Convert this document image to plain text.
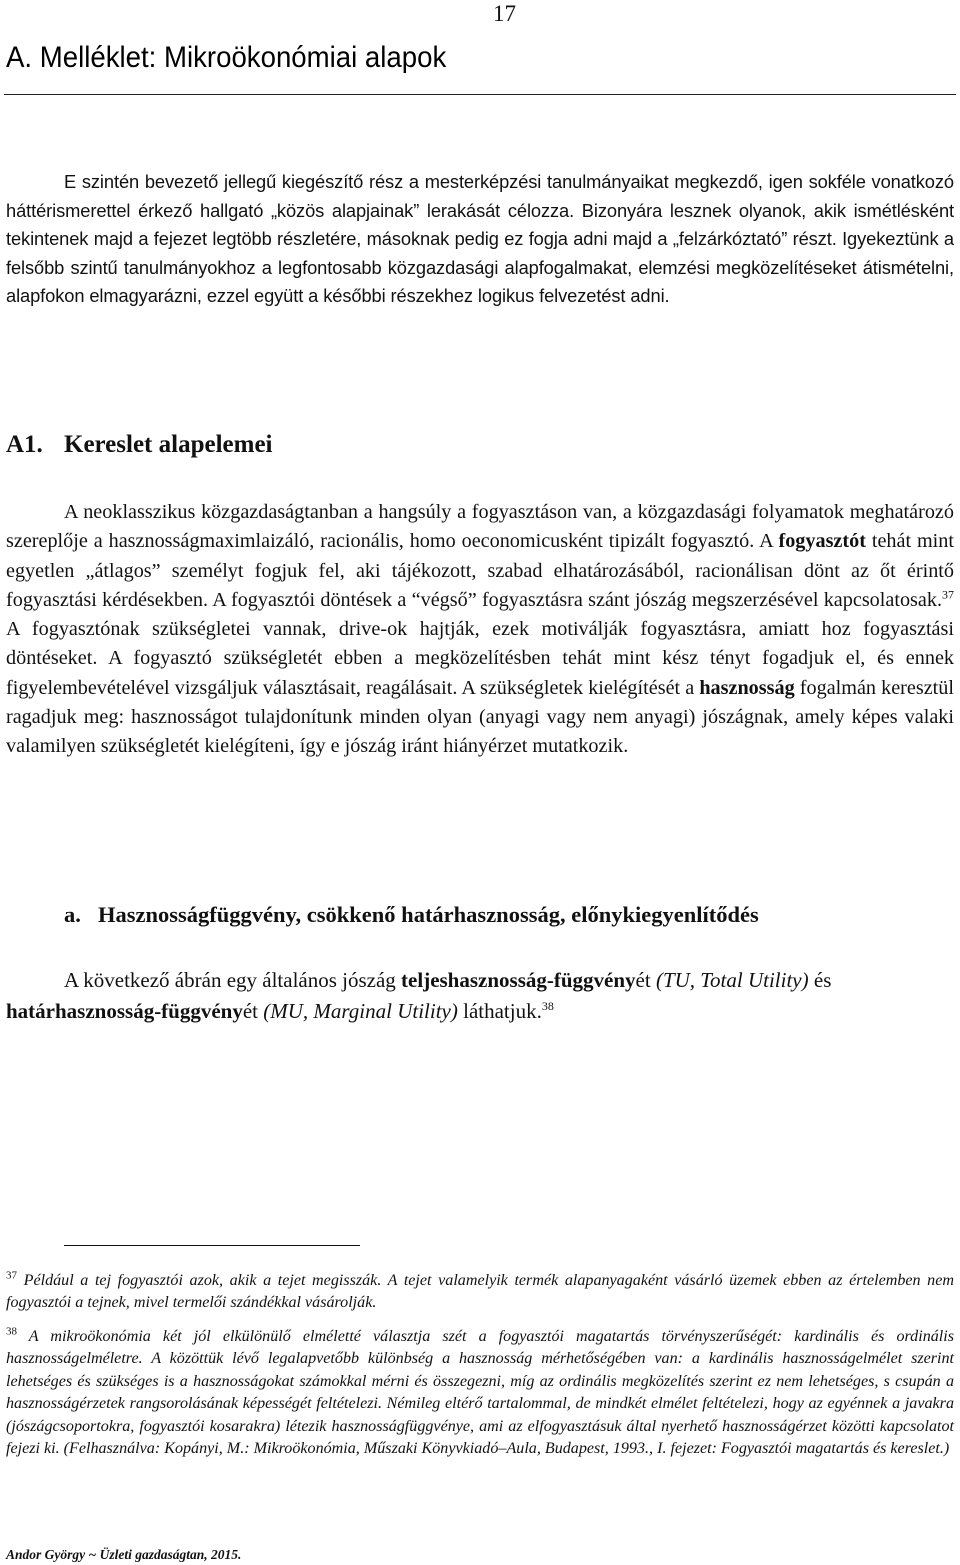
17
A. Melléklet: Mikroökonómiai alapok

E szintén bevezető jellegű kiegészítő rész a mesterképzési tanulmányaikat megkezdő, igen sokféle vonatkozó háttérismerettel érkező hallgató „közös alapjainak” lerakását célozza. Bizonyára lesznek olyanok, akik ismétlésként tekintenek majd a fejezet legtöbb részletére, másoknak pedig ez fogja adni majd a „felzárkóztató” részt. Igyekeztünk a felsőbb szintű tanulmányokhoz a legfontosabb közgazdasági alapfogalmakat, elemzési megközelítéseket átismételni, alapfokon elmagyarázni, ezzel együtt a későbbi részekhez logikus felvezetést adni.

A1. Kereslet alapelemei

A neoklasszikus közgazdaságtanban a hangsúly a fogyasztáson van, a közgazdasági folyamatok meghatározó szereplője a hasznosságmaximlaizáló, racionális, homo oeconomicusként tipizált fogyasztó. A fogyasztót tehát mint egyetlen „átlagos” személyt fogjuk fel, aki tájékozott, szabad elhatározásából, racionálisan dönt az őt érintő fogyasztási kérdésekben. A fogyasztói döntések a “végső” fogyasztásra szánt jószág megszerzésével kapcsolatosak.$^{37}$ A fogyasztónak szükségletei vannak, drive-ok hajtják, ezek motiválják fogyasztásra, amiatt hoz fogyasztási döntéseket. A fogyasztó szükségletét ebben a megközelítésben tehát mint kész tényt fogadjuk el, és ennek figyelembevételével vizsgáljuk választásait, reagálásait. A szükségletek kielégítését a hasznosság fogalmán keresztül ragadjuk meg: hasznosságot tulajdonítunk minden olyan (anyagi vagy nem anyagi) jószágnak, amely képes valaki valamilyen szükségletét kielégíteni, így e jószág iránt hiányérzet mutatkozik.

a. Hasznosságfüggvény, csökkenő határhasznosság, előnykiegyenlítődés

A következő ábrán egy általános jószág teljeshasznosság-függvényét (TU, Total Utility) és határhasznosság-függvényét (MU, Marginal Utility) láthatjuk.$^{38}$

$^{37}$ Például a tej fogyasztói azok, akik a tejet megisszák. A tejet valamelyik termék alapanyagaként vásárló üzemek ebben az értelemben nem fogyasztói a tejnek, mivel termelői szándékkal vásárolják.

$^{38}$ A mikroökonómia két jól elkülönülő elméletté választja szét a fogyasztói magatartás törvényszerűségét: kardinális és ordinális hasznosságelméletre. A közöttük lévő legalapvetőbb különbség a hasznosság mérhetőségében van: a kardinális hasznosságelmélet szerint lehetséges és szükséges is a hasznosságokat számokkal mérni és összegezni, míg az ordinális megközelítés szerint ez nem lehetséges, s csupán a hasznosságérzetek rangsorolásának képességét feltételezi. Némileg eltérő tartalommal, de mindkét elmélet feltételezi, hogy az egyénnek a javakra (jószágcsoportokra, fogyasztói kosarakra) létezik hasznosságfüggvénye, ami az elfogyasztásuk által nyerhető hasznosságérzet közötti kapcsolatot fejezi ki. (Felhasználva: Kopányi, M.: Mikroökonómia, Műszaki Könyvkiadó–Aula, Budapest, 1993., I. fejezet: Fogyasztói magatartás és kereslet.)

Andor György ~ Üzleti gazdaságtan, 2015.
